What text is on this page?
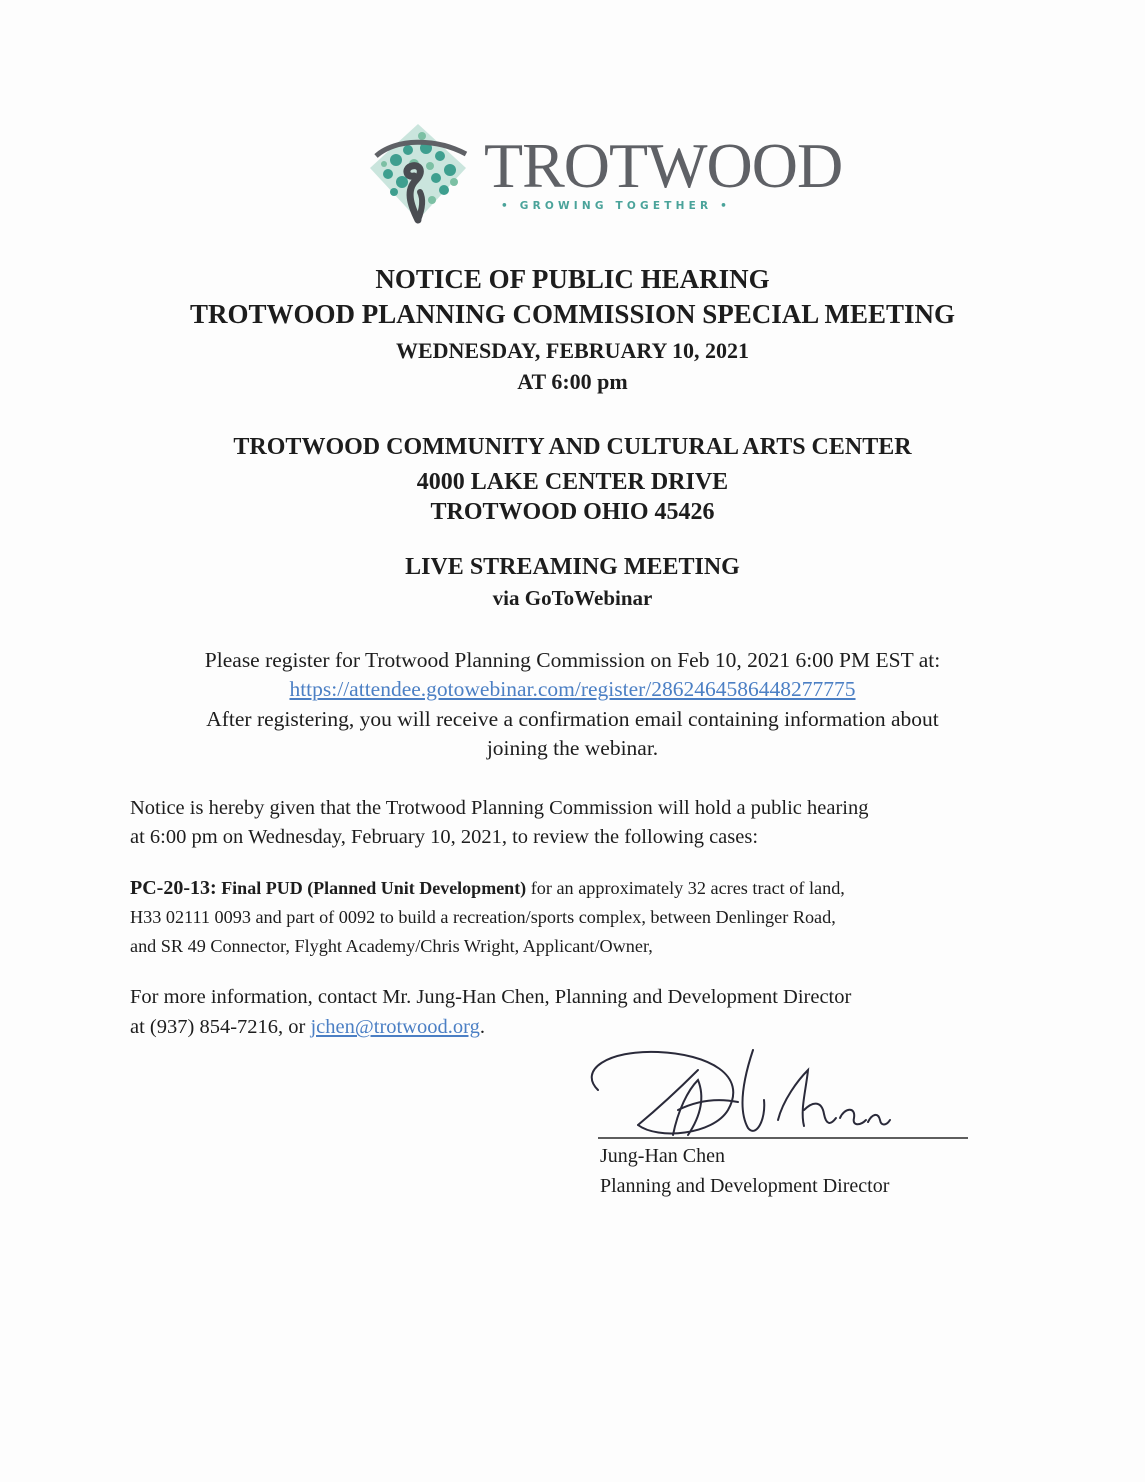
TROTWOOD
• GROWING TOGETHER •
NOTICE OF PUBLIC HEARING
TROTWOOD PLANNING COMMISSION SPECIAL MEETING
WEDNESDAY, FEBRUARY 10, 2021
AT 6:00 pm
TROTWOOD COMMUNITY AND CULTURAL ARTS CENTER
4000 LAKE CENTER DRIVE
TROTWOOD OHIO 45426
LIVE STREAMING MEETING
via GoToWebinar
Please register for Trotwood Planning Commission on Feb 10, 2021 6:00 PM EST at:
https://attendee.gotowebinar.com/register/2862464586448277775
After registering, you will receive a confirmation email containing information about
joining the webinar.
Notice is hereby given that the Trotwood Planning Commission will hold a public hearing
at 6:00 pm on Wednesday, February 10, 2021, to review the following cases:
PC-20-13: Final PUD (Planned Unit Development) for an approximately 32 acres tract of land,
H33 02111 0093 and part of 0092 to build a recreation/sports complex, between Denlinger Road,
and SR 49 Connector, Flyght Academy/Chris Wright, Applicant/Owner,
For more information, contact Mr. Jung-Han Chen, Planning and Development Director
at (937) 854-7216, or jchen@trotwood.org.
Jung-Han Chen
Planning and Development Director
